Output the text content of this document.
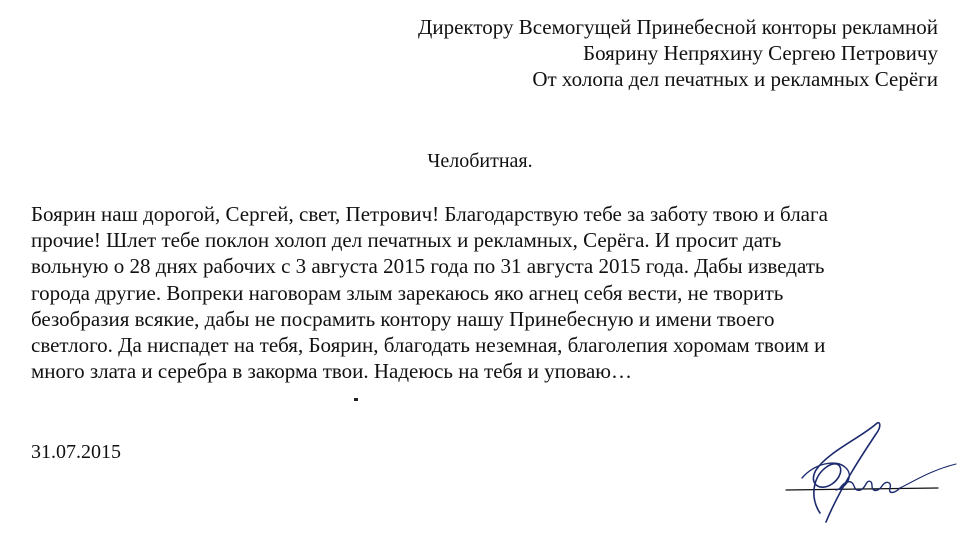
Директору Всемогущей Принебесной конторы рекламной
Боярину Непряхину Сергею Петровичу
От холопа дел печатных и рекламных Серёги
Челобитная.
Боярин наш дорогой, Сергей, свет, Петрович! Благодарствую тебе за заботу твою и блага
прочие! Шлет тебе поклон холоп дел печатных и рекламных, Серёга. И просит дать
вольную о 28 днях рабочих с 3 августа 2015 года по 31 августа 2015 года. Дабы изведать
города другие. Вопреки наговорам злым зарекаюсь яко агнец себя вести, не творить
безобразия всякие, дабы не посрамить контору нашу Принебесную и имени твоего
светлого. Да ниспадет на тебя, Боярин, благодать неземная, благолепия хоромам твоим и
много злата и серебра в закорма твои. Надеюсь на тебя и уповаю…
31.07.2015
